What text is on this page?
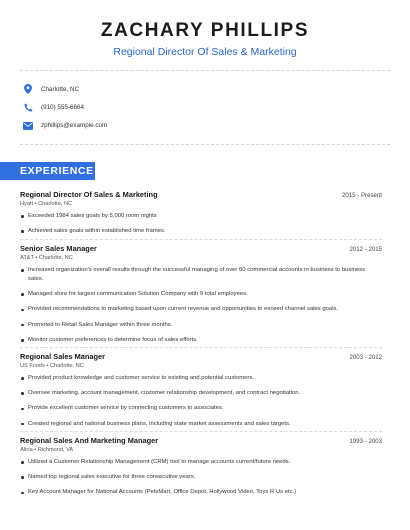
ZACHARY PHILLIPS
Regional Director Of Sales & Marketing
Charlotte, NC
(910) 555-6664
zphillips@example.com
EXPERIENCE
Regional Director Of Sales & Marketing	2015 - Present
Hyatt • Charlotte, NC
Exceeded 1984 sales goals by 5,000 room nights
Achieved sales goals within established time frames.
Senior Sales Manager	2012 - 2015
AT&T • Charlotte, NC
Increased organization's overall results through the successful managing of over 60 commercial accounts in business to business sales.
Managed store for largest communication Solution Company with 9 total employees.
Provided recommendations to marketing based upon current revenue and opportunities to exceed channel sales goals.
Promoted to Retail Sales Manager within three months.
Monitor customer preferences to determine focus of sales efforts.
Regional Sales Manager	2003 - 2012
US Foods • Charlotte, NC
Provided product knowledge and customer service to existing and potential customers.
Oversee marketing, account management, customer relationship development, and contract negotiation.
Provide excellent customer service by connecting customers to associates.
Created regional and national business plans, including state market assessments and sales targets.
Regional Sales And Marketing Manager	1993 - 2003
Altria • Richmond, VA
Utilized a Customer Relationship Management (CRM) tool to manage accounts current/future needs.
Named top regional sales executive for three consecutive years.
Key Account Manager for National Accounts (PetsMart, Office Depot, Hollywood Video, Toys R Us etc.)
